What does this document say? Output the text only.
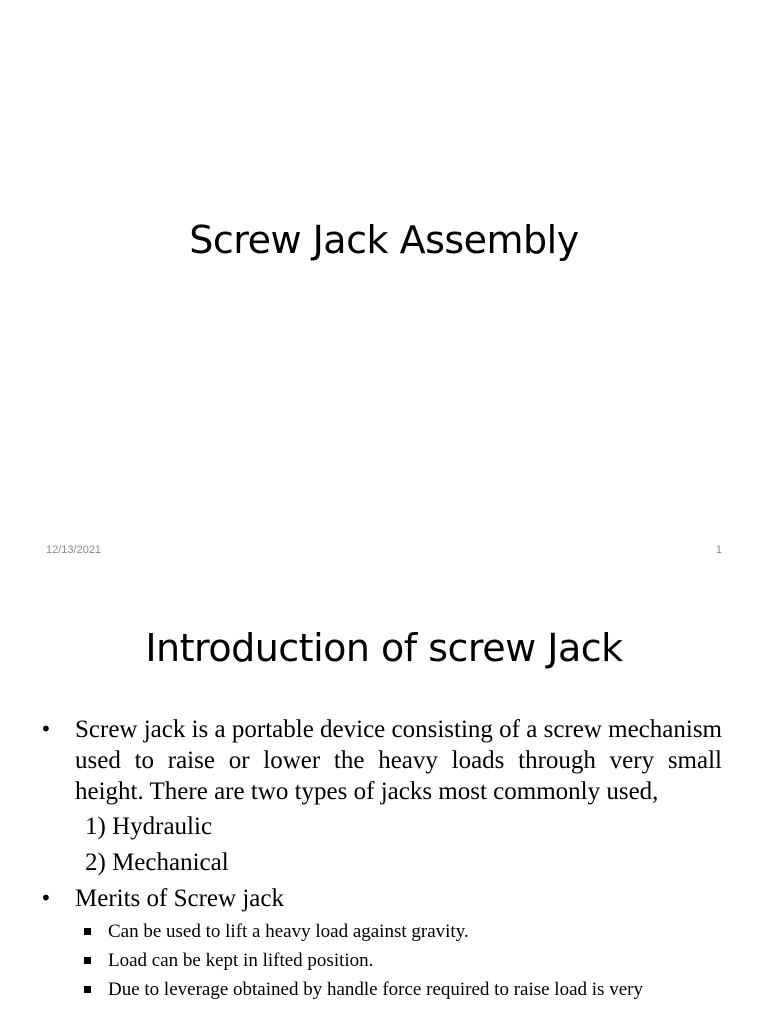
Screw Jack Assembly
12/13/2021	1
Introduction of screw Jack
• Screw jack is a portable device consisting of a screw mechanism used to raise or lower the heavy loads through very small height. There are two types of jacks most commonly used,
1) Hydraulic
2) Mechanical
• Merits of Screw jack
Can be used to lift a heavy load against gravity.
Load can be kept in lifted position.
Due to leverage obtained by handle force required to raise load is very
